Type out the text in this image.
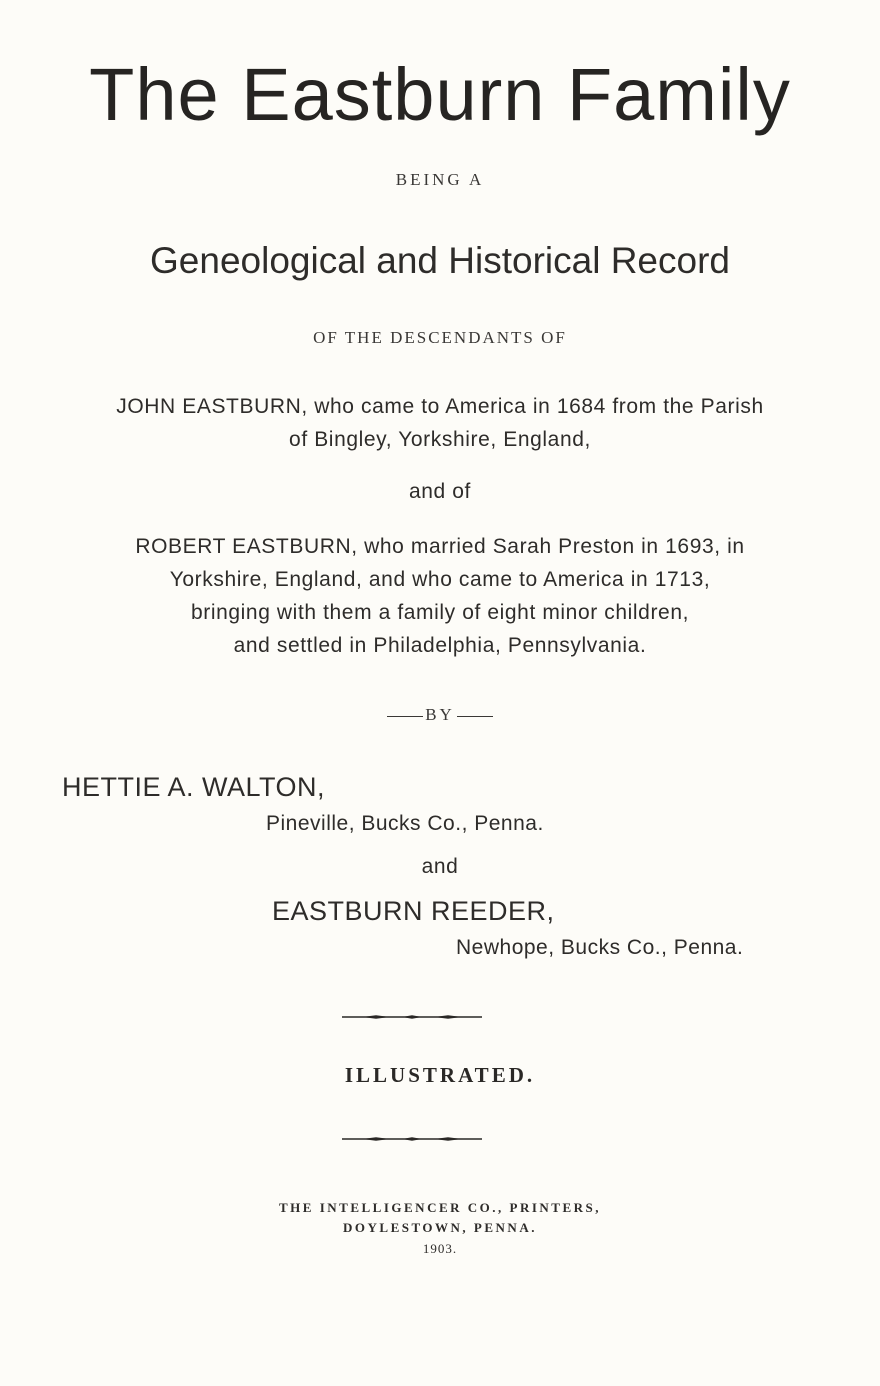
The Eastburn Family
BEING A
Geneological and Historical Record
OF THE DESCENDANTS OF
JOHN EASTBURN, who came to America in 1684 from the Parish
of Bingley, Yorkshire, England,
and of
ROBERT EASTBURN, who married Sarah Preston in 1693, in
Yorkshire, England, and who came to America in 1713,
bringing with them a family of eight minor children,
and settled in Philadelphia, Pennsylvania.
BY
HETTIE A. WALTON,
Pineville, Bucks Co., Penna.
and
EASTBURN REEDER,
Newhope, Bucks Co., Penna.
ILLUSTRATED.
THE INTELLIGENCER CO., PRINTERS,
DOYLESTOWN, PENNA.
1903.
